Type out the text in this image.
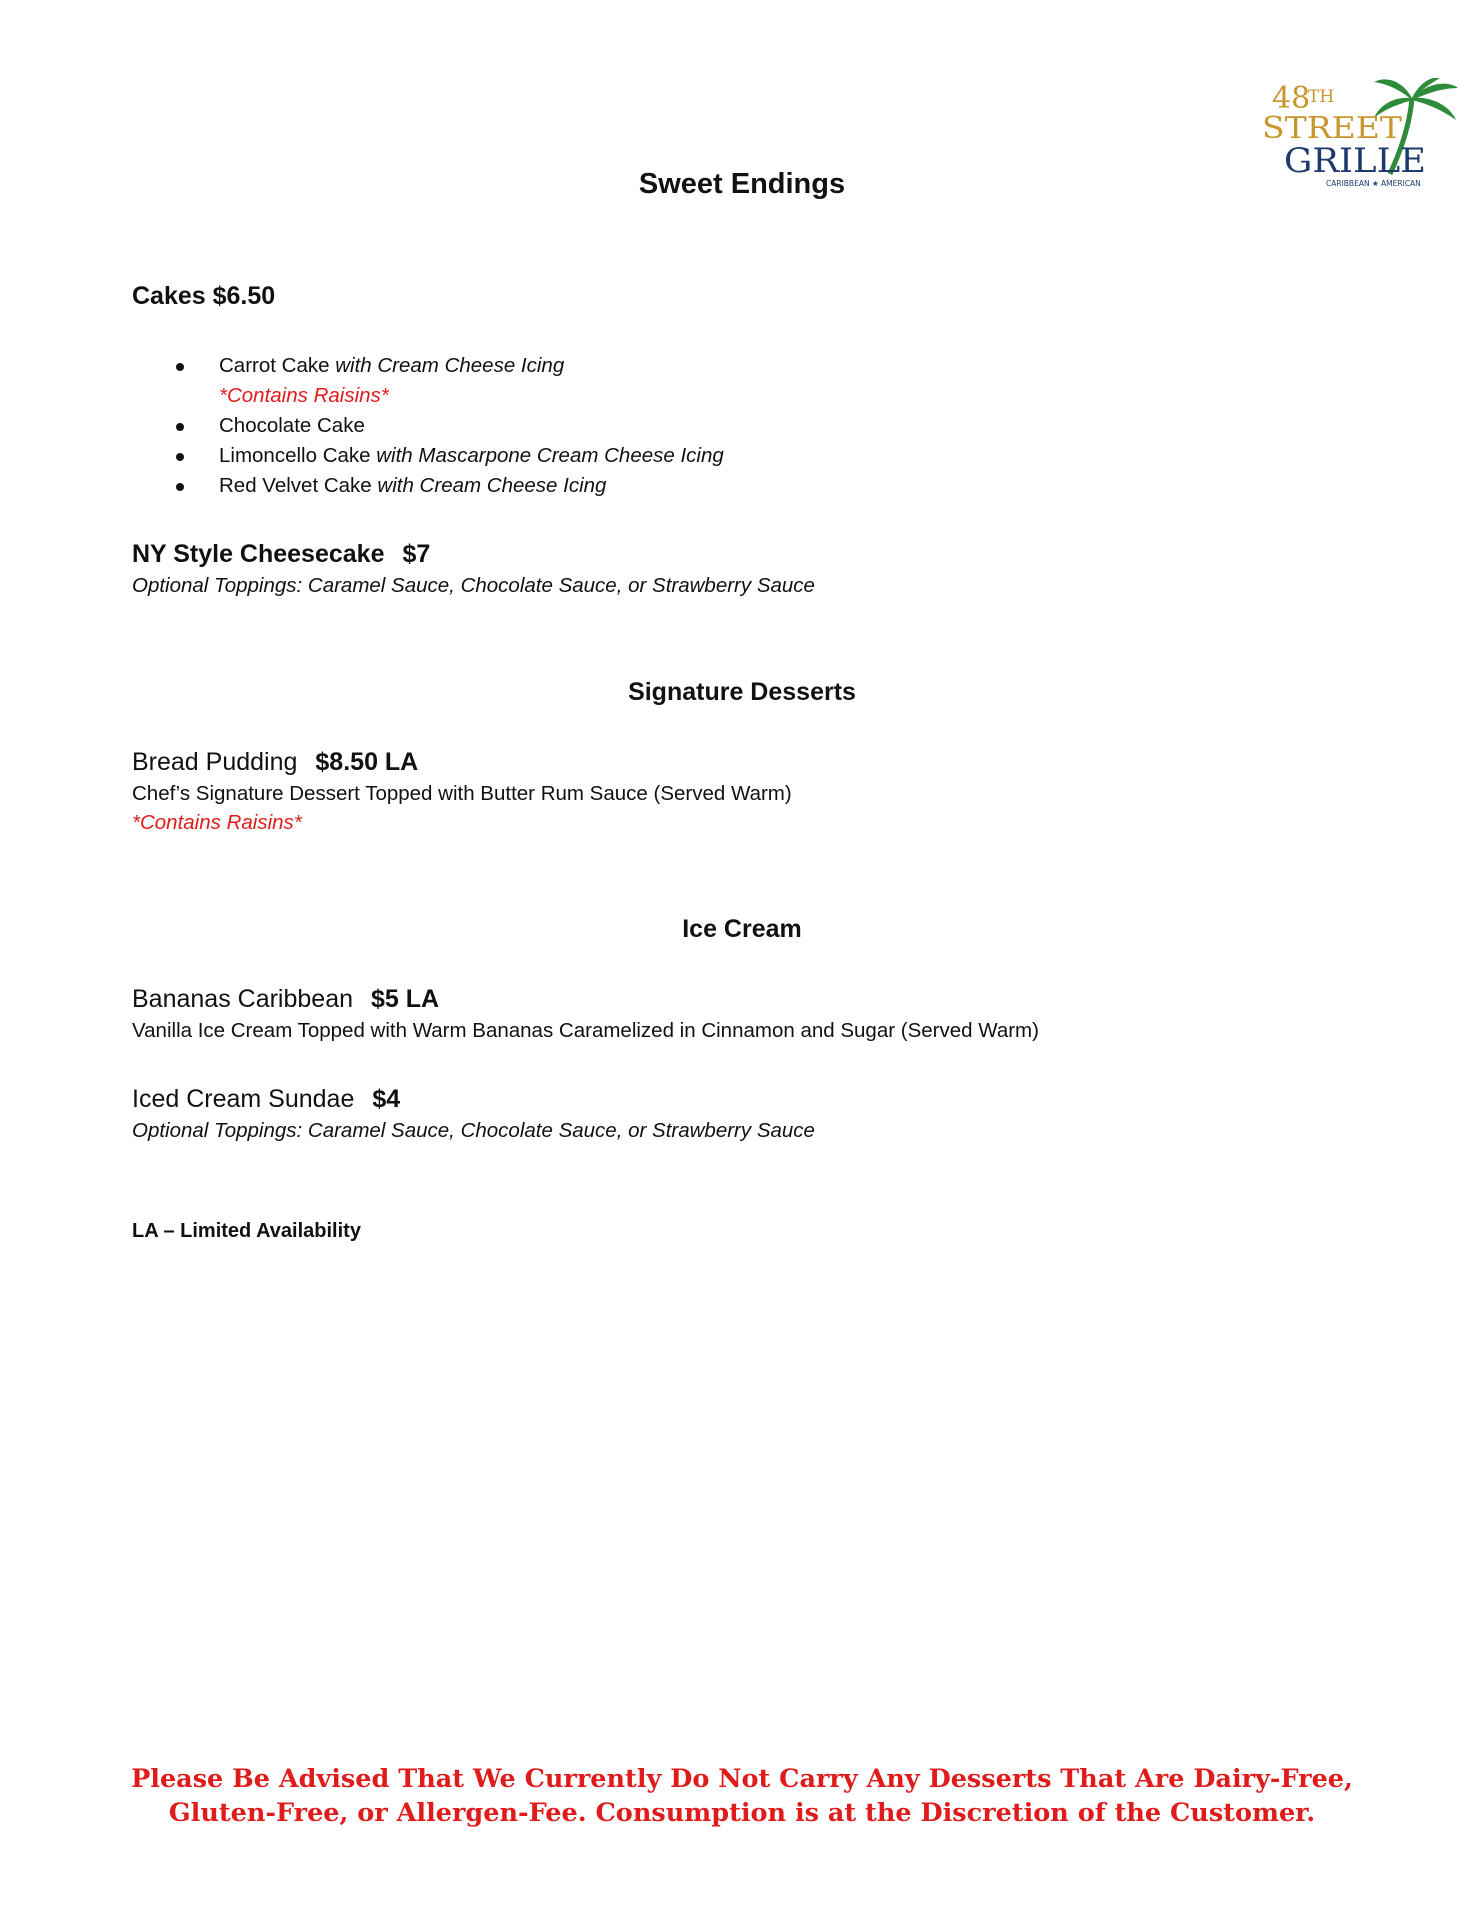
48
TH
STREET
GRILLE
CARIBBEAN ★ AMERICAN
Sweet Endings
Cakes $6.50
Carrot Cake with Cream Cheese Icing
*Contains Raisins*
Chocolate Cake
Limoncello Cake with Mascarpone Cream Cheese Icing
Red Velvet Cake with Cream Cheese Icing
NY Style Cheesecake $7
Optional Toppings: Caramel Sauce, Chocolate Sauce, or Strawberry Sauce
Signature Desserts
Bread Pudding $8.50 LA
Chef’s Signature Dessert Topped with Butter Rum Sauce (Served Warm)
*Contains Raisins*
Ice Cream
Bananas Caribbean $5 LA
Vanilla Ice Cream Topped with Warm Bananas Caramelized in Cinnamon and Sugar (Served Warm)
Iced Cream Sundae $4
Optional Toppings: Caramel Sauce, Chocolate Sauce, or Strawberry Sauce
LA – Limited Availability
Please Be Advised That We Currently Do Not Carry Any Desserts That Are Dairy-Free,
Gluten-Free, or Allergen-Fee. Consumption is at the Discretion of the Customer.
